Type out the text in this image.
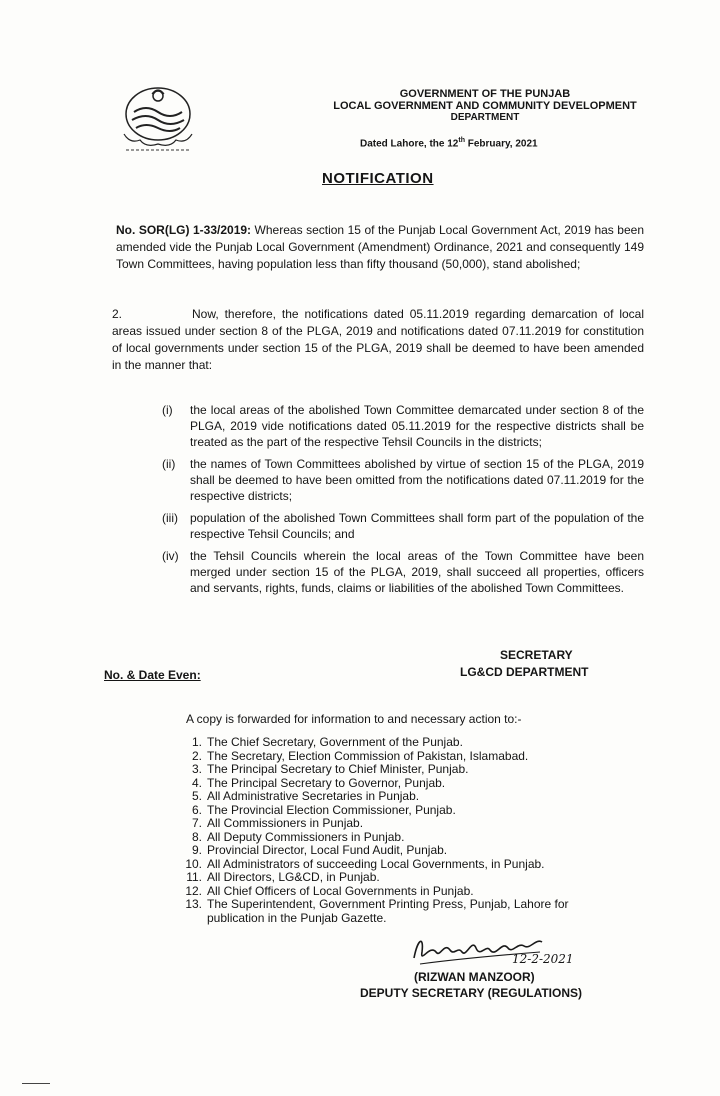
GOVERNMENT OF THE PUNJAB
LOCAL GOVERNMENT AND COMMUNITY DEVELOPMENT
DEPARTMENT
Dated Lahore, the 12th February, 2021
NOTIFICATION
No. SOR(LG) 1-33/2019: Whereas section 15 of the Punjab Local Government Act, 2019 has been amended vide the Punjab Local Government (Amendment) Ordinance, 2021 and consequently 149 Town Committees, having population less than fifty thousand (50,000), stand abolished;
2.	Now, therefore, the notifications dated 05.11.2019 regarding demarcation of local areas issued under section 8 of the PLGA, 2019 and notifications dated 07.11.2019 for constitution of local governments under section 15 of the PLGA, 2019 shall be deemed to have been amended in the manner that:
(i)	the local areas of the abolished Town Committee demarcated under section 8 of the PLGA, 2019 vide notifications dated 05.11.2019 for the respective districts shall be treated as the part of the respective Tehsil Councils in the districts;
(ii)	the names of Town Committees abolished by virtue of section 15 of the PLGA, 2019 shall be deemed to have been omitted from the notifications dated 07.11.2019 for the respective districts;
(iii)	population of the abolished Town Committees shall form part of the population of the respective Tehsil Councils; and
(iv) the Tehsil Councils wherein the local areas of the Town Committee have been merged under section 15 of the PLGA, 2019, shall succeed all properties, officers and servants, rights, funds, claims or liabilities of the abolished Town Committees.
SECRETARY
LG&CD DEPARTMENT
No. & Date Even:
A copy is forwarded for information to and necessary action to:-
1. The Chief Secretary, Government of the Punjab.
2. The Secretary, Election Commission of Pakistan, Islamabad.
3. The Principal Secretary to Chief Minister, Punjab.
4. The Principal Secretary to Governor, Punjab.
5. All Administrative Secretaries in Punjab.
6. The Provincial Election Commissioner, Punjab.
7. All Commissioners in Punjab.
8. All Deputy Commissioners in Punjab.
9. Provincial Director, Local Fund Audit, Punjab.
10. All Administrators of succeeding Local Governments, in Punjab.
11. All Directors, LG&CD, in Punjab.
12. All Chief Officers of Local Governments in Punjab.
13. The Superintendent, Government Printing Press, Punjab, Lahore for publication in the Punjab Gazette.
12-2-2021
(RIZWAN MANZOOR)
DEPUTY SECRETARY (REGULATIONS)
